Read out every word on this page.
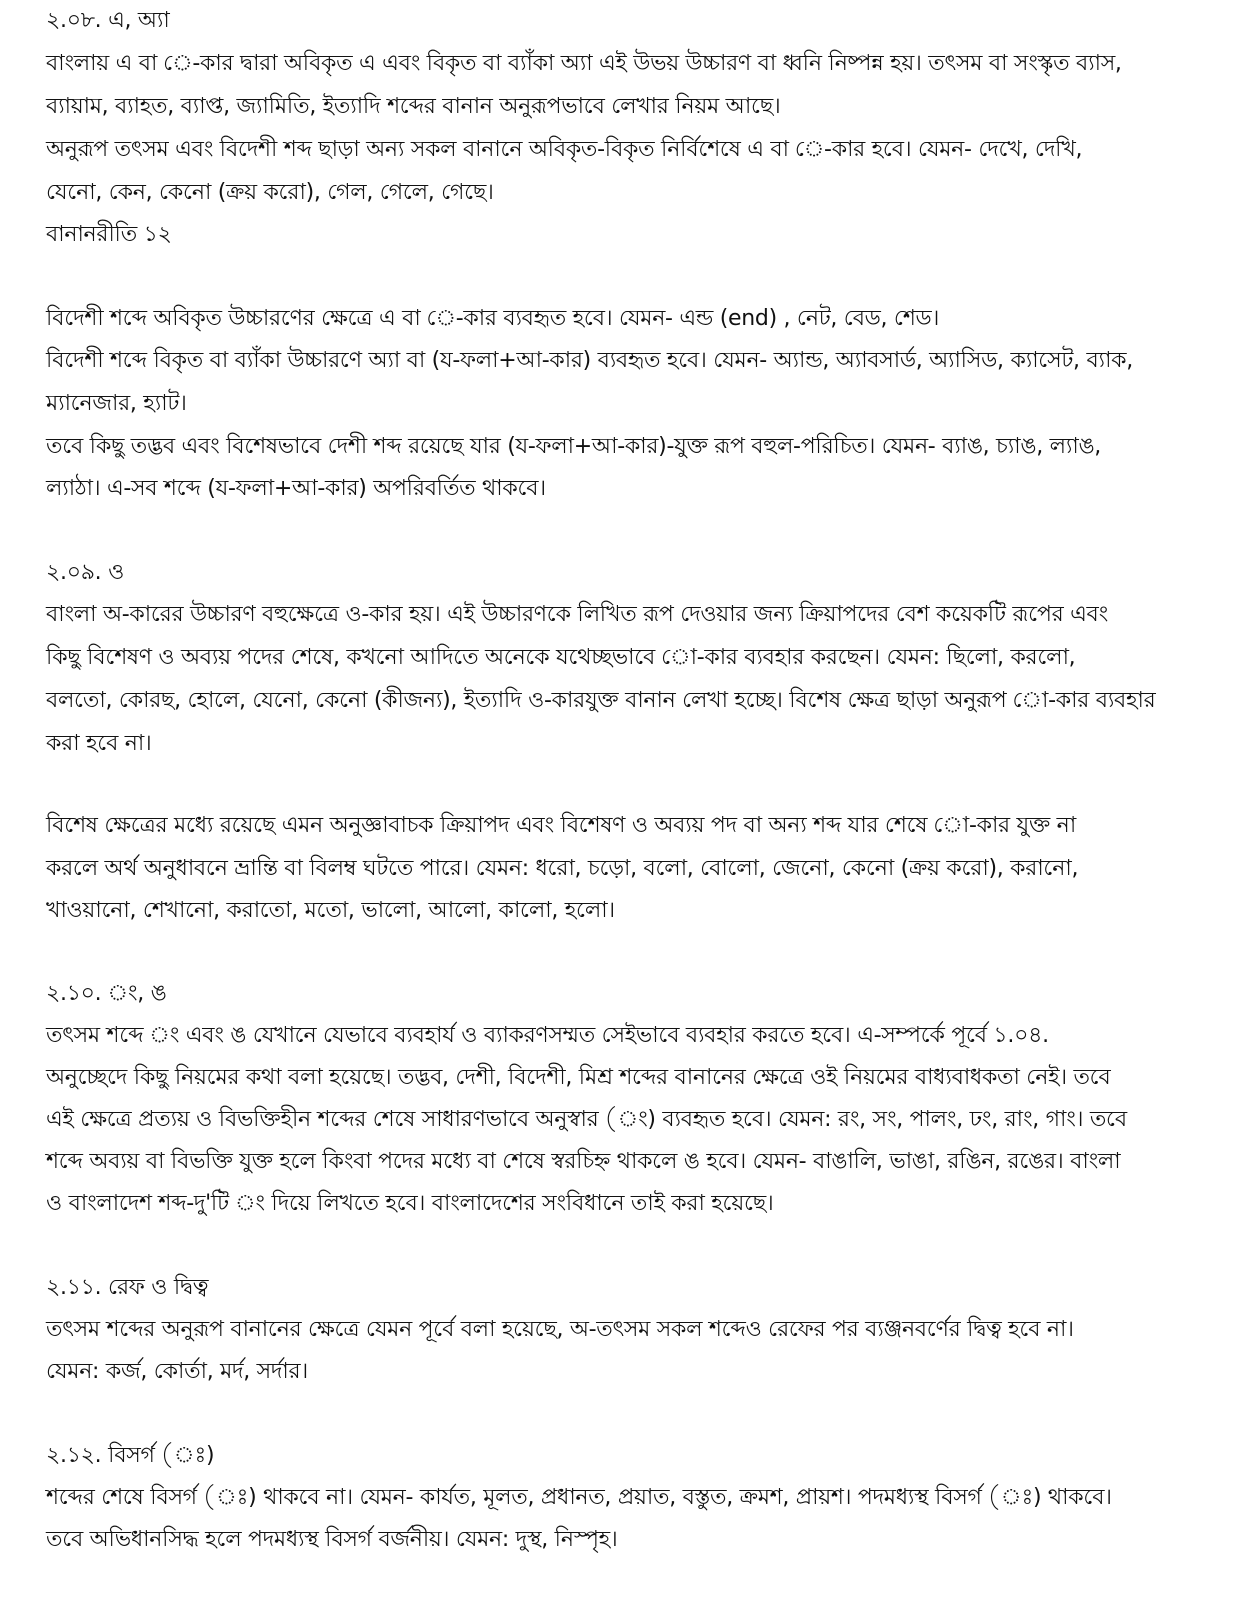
২.০৮. এ, অ্যা
বাংলায় এ বা ে-কার দ্বারা অবিকৃত এ এবং বিকৃত বা ব্যাঁকা অ্যা এই উভয় উচ্চারণ বা ধ্বনি নিষ্পন্ন হয়। তৎসম বা সংস্কৃত ব্যাস,
ব্যায়াম, ব্যাহত, ব্যাপ্ত, জ্যামিতি, ইত্যাদি শব্দের বানান অনুরূপভাবে লেখার নিয়ম আছে।
অনুরূপ তৎসম এবং বিদেশী শব্দ ছাড়া অন্য সকল বানানে অবিকৃত-বিকৃত নির্বিশেষে এ বা ে-কার হবে। যেমন- দেখে, দেখি,
যেনো, কেন, কেনো (ক্রয় করো), গেল, গেলে, গেছে।
বানানরীতি ১২
বিদেশী শব্দে অবিকৃত উচ্চারণের ক্ষেত্রে এ বা ে-কার ব্যবহৃত হবে। যেমন- এন্ড (end) , নেট, বেড, শেড।
বিদেশী শব্দে বিকৃত বা ব্যাঁকা উচ্চারণে অ্যা বা (য-ফলা+আ-কার) ব্যবহৃত হবে। যেমন- অ্যান্ড, অ্যাবসার্ড, অ্যাসিড, ক্যাসেট, ব্যাক,
ম্যানেজার, হ্যাট।
তবে কিছু তদ্ভব এবং বিশেষভাবে দেশী শব্দ রয়েছে যার (য-ফলা+আ-কার)-যুক্ত রূপ বহুল-পরিচিত। যেমন- ব্যাঙ, চ্যাঙ, ল্যাঙ,
ল্যাঠা। এ-সব শব্দে (য-ফলা+আ-কার) অপরিবর্তিত থাকবে।
২.০৯. ও
বাংলা অ-কারের উচ্চারণ বহুক্ষেত্রে ও-কার হয়। এই উচ্চারণকে লিখিত রূপ দেওয়ার জন্য ক্রিয়াপদের বেশ কয়েকটি রূপের এবং
কিছু বিশেষণ ও অব্যয় পদের শেষে, কখনো আদিতে অনেকে যথেচ্ছভাবে ো-কার ব্যবহার করছেন। যেমন: ছিলো, করলো,
বলতো, কোরছ, হোলে, যেনো, কেনো (কীজন্য), ইত্যাদি ও-কারযুক্ত বানান লেখা হচ্ছে। বিশেষ ক্ষেত্র ছাড়া অনুরূপ ো-কার ব্যবহার
করা হবে না।
বিশেষ ক্ষেত্রের মধ্যে রয়েছে এমন অনুজ্ঞাবাচক ক্রিয়াপদ এবং বিশেষণ ও অব্যয় পদ বা অন্য শব্দ যার শেষে ো-কার যুক্ত না
করলে অর্থ অনুধাবনে ভ্রান্তি বা বিলম্ব ঘটতে পারে। যেমন: ধরো, চড়ো, বলো, বোলো, জেনো, কেনো (ক্রয় করো), করানো,
খাওয়ানো, শেখানো, করাতো, মতো, ভালো, আলো, কালো, হলো।
২.১০. ং, ঙ
তৎসম শব্দে ং এবং ঙ যেখানে যেভাবে ব্যবহার্য ও ব্যাকরণসম্মত সেইভাবে ব্যবহার করতে হবে। এ-সম্পর্কে পূর্বে ১.০৪.
অনুচ্ছেদে কিছু নিয়মের কথা বলা হয়েছে। তদ্ভব, দেশী, বিদেশী, মিশ্র শব্দের বানানের ক্ষেত্রে ওই নিয়মের বাধ্যবাধকতা নেই। তবে
এই ক্ষেত্রে প্রত্যয় ও বিভক্তিহীন শব্দের শেষে সাধারণভাবে অনুস্বার (ং) ব্যবহৃত হবে। যেমন: রং, সং, পালং, ঢং, রাং, গাং। তবে
শব্দে অব্যয় বা বিভক্তি যুক্ত হলে কিংবা পদের মধ্যে বা শেষে স্বরচিহ্ন থাকলে ঙ হবে। যেমন- বাঙালি, ভাঙা, রঙিন, রঙের। বাংলা
ও বাংলাদেশ শব্দ-দু'টি ং দিয়ে লিখতে হবে। বাংলাদেশের সংবিধানে তাই করা হয়েছে।
২.১১. রেফ ও দ্বিত্ব
তৎসম শব্দের অনুরূপ বানানের ক্ষেত্রে যেমন পূর্বে বলা হয়েছে, অ-তৎসম সকল শব্দেও রেফের পর ব্যঞ্জনবর্ণের দ্বিত্ব হবে না।
যেমন: কর্জ, কোর্তা, মর্দ, সর্দার।
২.১২. বিসর্গ (ঃ)
শব্দের শেষে বিসর্গ (ঃ) থাকবে না। যেমন- কার্যত, মূলত, প্রধানত, প্রয়াত, বস্তুত, ক্রমশ, প্রায়শ। পদমধ্যস্থ বিসর্গ (ঃ) থাকবে।
তবে অভিধানসিদ্ধ হলে পদমধ্যস্থ বিসর্গ বর্জনীয়। যেমন: দুস্থ, নিস্পৃহ।
